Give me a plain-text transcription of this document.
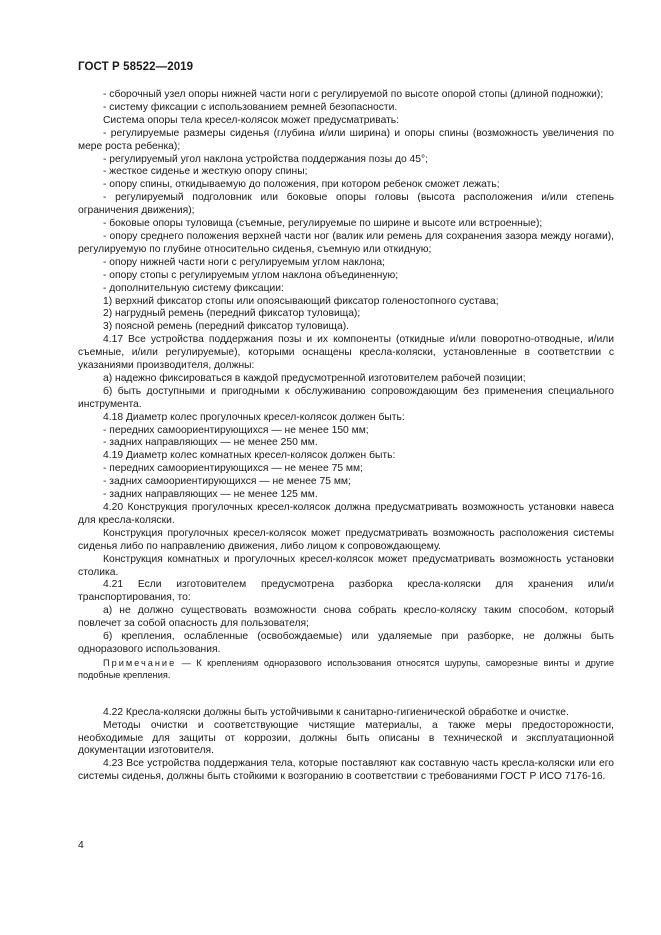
ГОСТ Р 58522—2019

- сборочный узел опоры нижней части ноги с регулируемой по высоте опорой стопы (длиной подножки);

- систему фиксации с использованием ремней безопасности.

Система опоры тела кресел-колясок может предусматривать:

- регулируемые размеры сиденья (глубина и/или ширина) и опоры спины (возможность увеличения по мере роста ребенка);

- регулируемый угол наклона устройства поддержания позы до 45°;

- жесткое сиденье и жесткую опору спины;

- опору спины, откидываемую до положения, при котором ребенок сможет лежать;

- регулируемый подголовник или боковые опоры головы (высота расположения и/или степень ограничения движения);

- боковые опоры туловища (съемные, регулируемые по ширине и высоте или встроенные);

- опору среднего положения верхней части ног (валик или ремень для сохранения зазора между ногами), регулируемую по глубине относительно сиденья, съемную или откидную;

- опору нижней части ноги с регулируемым углом наклона;

- опору стопы с регулируемым углом наклона объединенную;

- дополнительную систему фиксации:

1) верхний фиксатор стопы или опоясывающий фиксатор голеностопного сустава;

2) нагрудный ремень (передний фиксатор туловища);

3) поясной ремень (передний фиксатор туловища).

4.17 Все устройства поддержания позы и их компоненты (откидные и/или поворотно-отводные, и/или съемные, и/или регулируемые), которыми оснащены кресла-коляски, установленные в соответствии с указаниями производителя, должны:

а) надежно фиксироваться в каждой предусмотренной изготовителем рабочей позиции;

б) быть доступными и пригодными к обслуживанию сопровождающим без применения специального инструмента.

4.18 Диаметр колес прогулочных кресел-колясок должен быть:

- передних самоориентирующихся — не менее 150 мм;

- задних направляющих — не менее 250 мм.

4.19 Диаметр колес комнатных кресел-колясок должен быть:

- передних самоориентирующихся — не менее 75 мм;

- задних самоориентирующихся — не менее 75 мм;

- задних направляющих — не менее 125 мм.

4.20 Конструкция прогулочных кресел-колясок должна предусматривать возможность установки навеса для кресла-коляски.

Конструкция прогулочных кресел-колясок может предусматривать возможность расположения системы сиденья либо по направлению движения, либо лицом к сопровождающему.

Конструкция комнатных и прогулочных кресел-колясок может предусматривать возможность установки столика.

4.21 Если изготовителем предусмотрена разборка кресла-коляски для хранения или/и транспортирования, то:

а) не должно существовать возможности снова собрать кресло-коляску таким способом, который повлечет за собой опасность для пользователя;

б) крепления, ослабленные (освобождаемые) или удаляемые при разборке, не должны быть одноразового использования.

Примечание — К креплениям одноразового использования относятся шурупы, саморезные винты и другие подобные крепления.

4.22 Кресла-коляски должны быть устойчивыми к санитарно-гигиенической обработке и очистке.

Методы очистки и соответствующие чистящие материалы, а также меры предосторожности, необходимые для защиты от коррозии, должны быть описаны в технической и эксплуатационной документации изготовителя.

4.23 Все устройства поддержания тела, которые поставляют как составную часть кресла-коляски или его системы сиденья, должны быть стойкими к возгоранию в соответствии с требованиями ГОСТ Р ИСО 7176-16.

4
